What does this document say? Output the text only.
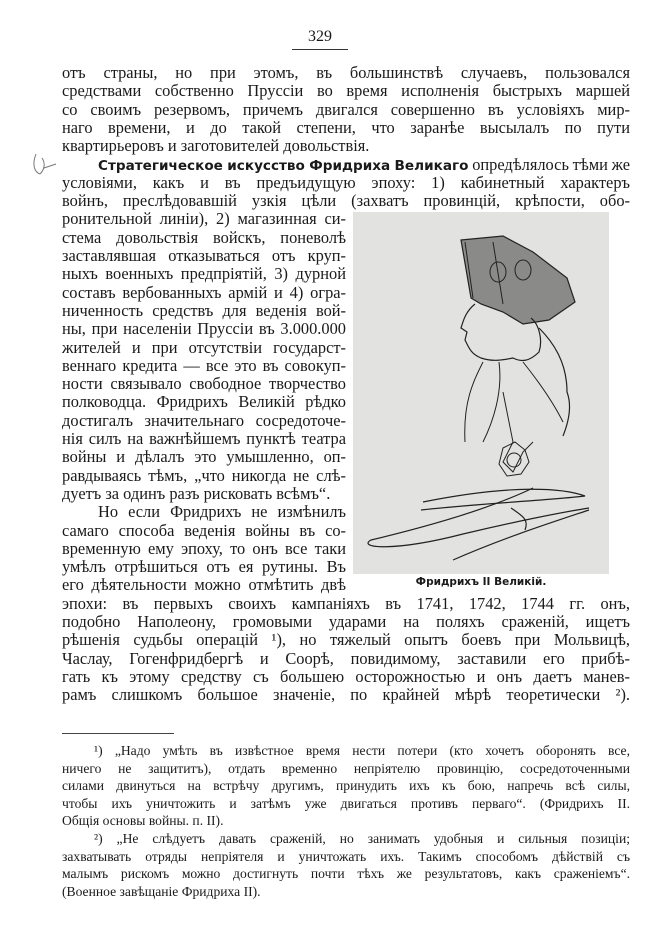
329
отъ страны, но при этомъ, въ большинствѣ случаевъ, пользовался
средствами собственно Пруссіи во время исполненія быстрыхъ маршей
со своимъ резервомъ, причемъ двигался совершенно въ условіяхъ мир-
наго времени, и до такой степени, что заранѣе высылалъ по пути
квартирьеровъ и заготовителей довольствія.
Стратегическое искусство Фридриха Великаго опредѣлялось тѣми же
условіями, какъ и въ предъидущую эпоху: 1) кабинетный характеръ
войнъ, преслѣдовавшій узкія цѣли (захватъ провинцій, крѣпости, обо-
ронительной линіи), 2) магазинная си-
стема довольствія войскъ, поневолѣ
заставлявшая отказываться отъ круп-
ныхъ военныхъ предпріятій, 3) дурной
составъ вербованныхъ армій и 4) огра-
ниченность средствъ для веденія вой-
ны, при населеніи Пруссіи въ 3.000.000
жителей и при отсутствіи государст-
веннаго кредита — все это въ совокуп-
ности связывало свободное творчество
полководца. Фридрихъ Великій рѣдко
достигалъ значительнаго сосредоточе-
нія силъ на важнѣйшемъ пунктѣ театра
войны и дѣлалъ это умышленно, оп-
равдываясь тѣмъ, „что никогда не слѣ-
дуетъ за одинъ разъ рисковать всѣмъ“.
Но если Фридрихъ не измѣнилъ
самаго способа веденія войны въ со-
временную ему эпоху, то онъ все таки
умѣлъ отрѣшиться отъ ея рутины. Въ
его дѣятельности можно отмѣтить двѣ
эпохи: въ первыхъ своихъ кампаніяхъ въ 1741, 1742, 1744 гг. онъ,
подобно Наполеону, громовыми ударами на поляхъ сраженій, ищетъ
рѣшенія судьбы операцій ¹), но тяжелый опытъ боевъ при Мольвицѣ,
Часлау, Гогенфридбергѣ и Соорѣ, повидимому, заставили его прибѣ-
гать къ этому средству съ большею осторожностью и онъ даетъ манев-
рамъ слишкомъ большое значеніе, по крайней мѣрѣ теоретически ²).
Фридрихъ II Великій.
¹) „Надо умѣть въ извѣстное время нести потери (кто хочетъ оборонять все,
ничего не защититъ), отдать временно непріятелю провинцію, сосредоточенными
силами двинуться на встрѣчу другимъ, принудить ихъ къ бою, напречь всѣ силы,
чтобы ихъ уничтожить и затѣмъ уже двигаться противъ перваго“. (Фридрихъ II.
Общія основы войны. п. II).
²) „Не слѣдуетъ давать сраженій, но занимать удобныя и сильныя позиціи;
захватывать отряды непріятеля и уничтожать ихъ. Такимъ способомъ дѣйствій съ
малымъ рискомъ можно достигнуть почти тѣхъ же результатовъ, какъ сраженіемъ“.
(Военное завѣщаніе Фридриха II).
